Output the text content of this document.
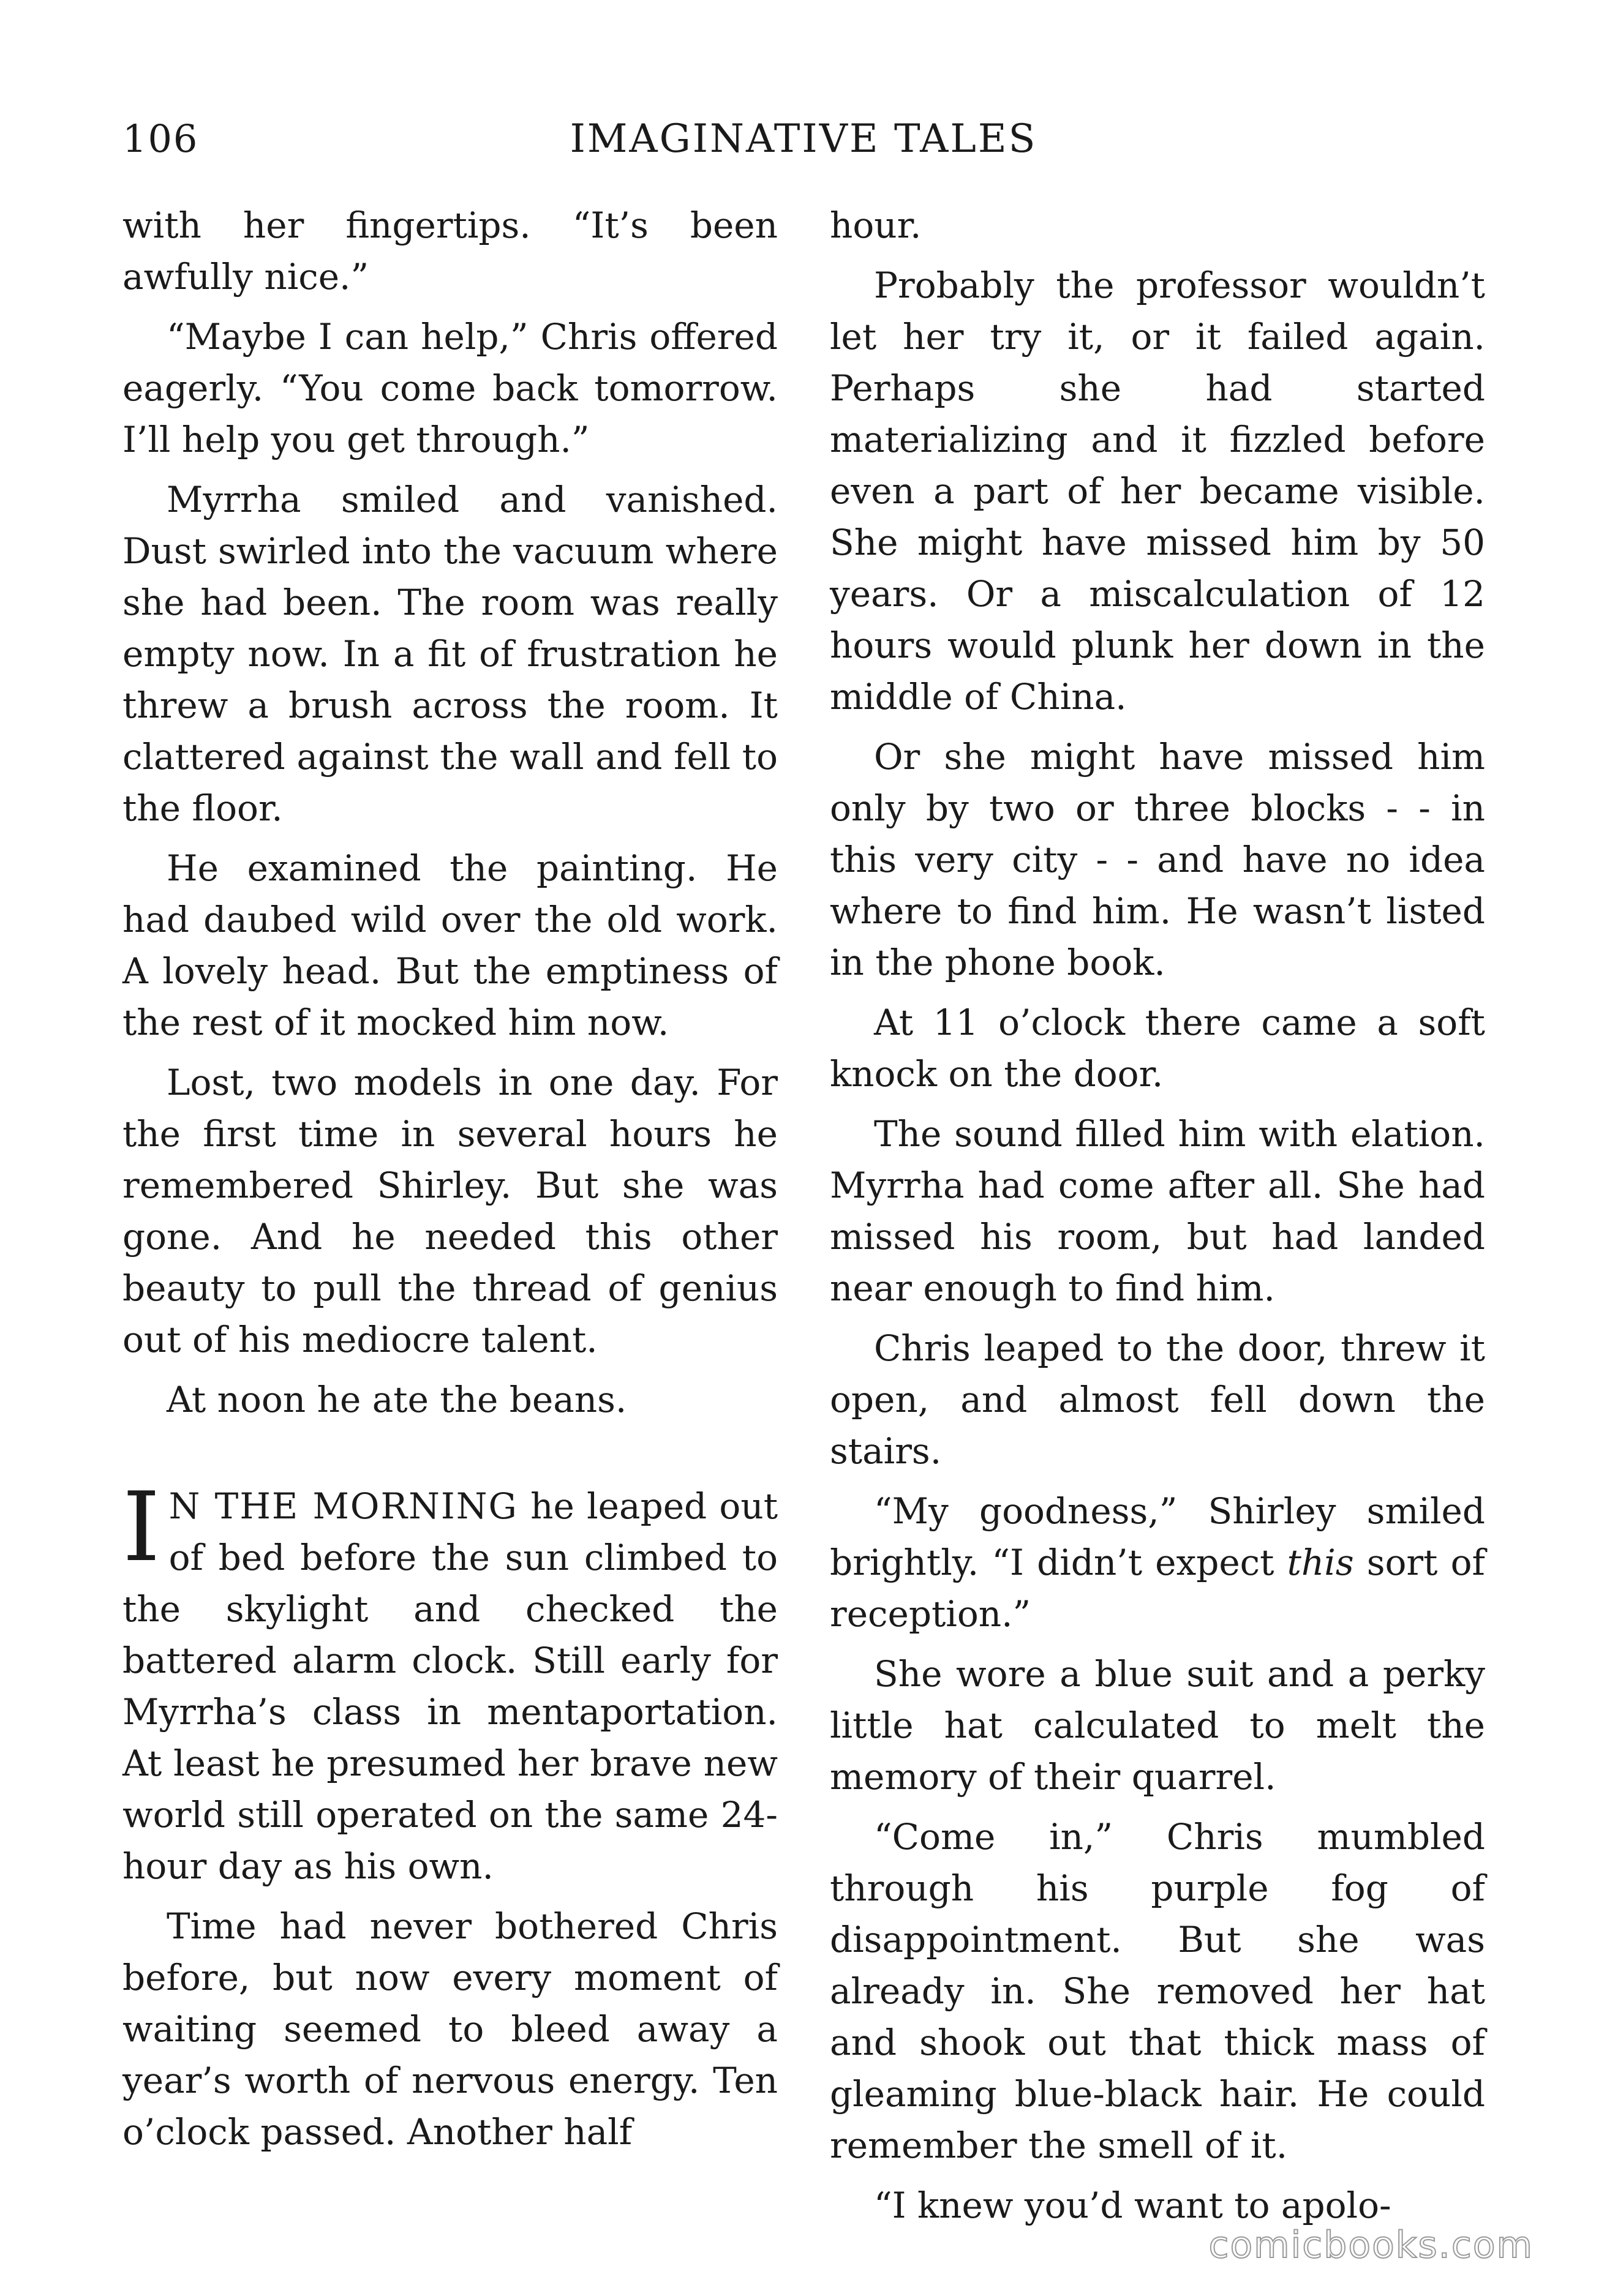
106	IMAGINATIVE TALES

with her fingertips. “It’s been awfully nice.”

“Maybe I can help,” Chris offered eagerly. “You come back tomorrow. I’ll help you get through.”

Myrrha smiled and vanished. Dust swirled into the vacuum where she had been. The room was really empty now. In a fit of frustration he threw a brush across the room. It clattered against the wall and fell to the floor.

He examined the painting. He had daubed wild over the old work. A lovely head. But the emptiness of the rest of it mocked him now.

Lost, two models in one day. For the first time in several hours he remembered Shirley. But she was gone. And he needed this other beauty to pull the thread of genius out of his mediocre talent.

At noon he ate the beans.

I N THE MORNING he leaped out of bed before the sun climbed to the skylight and checked the battered alarm clock. Still early for Myrrha’s class in mentaportation. At least he presumed her brave new world still operated on the same 24-hour day as his own.

Time had never bothered Chris before, but now every moment of waiting seemed to bleed away a year’s worth of nervous energy. Ten o’clock passed. Another half

hour.

Probably the professor wouldn’t let her try it, or it failed again. Perhaps she had started materializing and it fizzled before even a part of her became visible. She might have missed him by 50 years. Or a miscalculation of 12 hours would plunk her down in the middle of China.

Or she might have missed him only by two or three blocks - - in this very city - - and have no idea where to find him. He wasn’t listed in the phone book.

At 11 o’clock there came a soft knock on the door.

The sound filled him with elation. Myrrha had come after all. She had missed his room, but had landed near enough to find him.

Chris leaped to the door, threw it open, and almost fell down the stairs.

“My goodness,” Shirley smiled brightly. “I didn’t expect this sort of reception.”

She wore a blue suit and a perky little hat calculated to melt the memory of their quarrel.

“Come in,” Chris mumbled through his purple fog of disappointment. But she was already in. She removed her hat and shook out that thick mass of gleaming blue-black hair. He could remember the smell of it.

“I knew you’d want to apolo-

comicbooks.com
